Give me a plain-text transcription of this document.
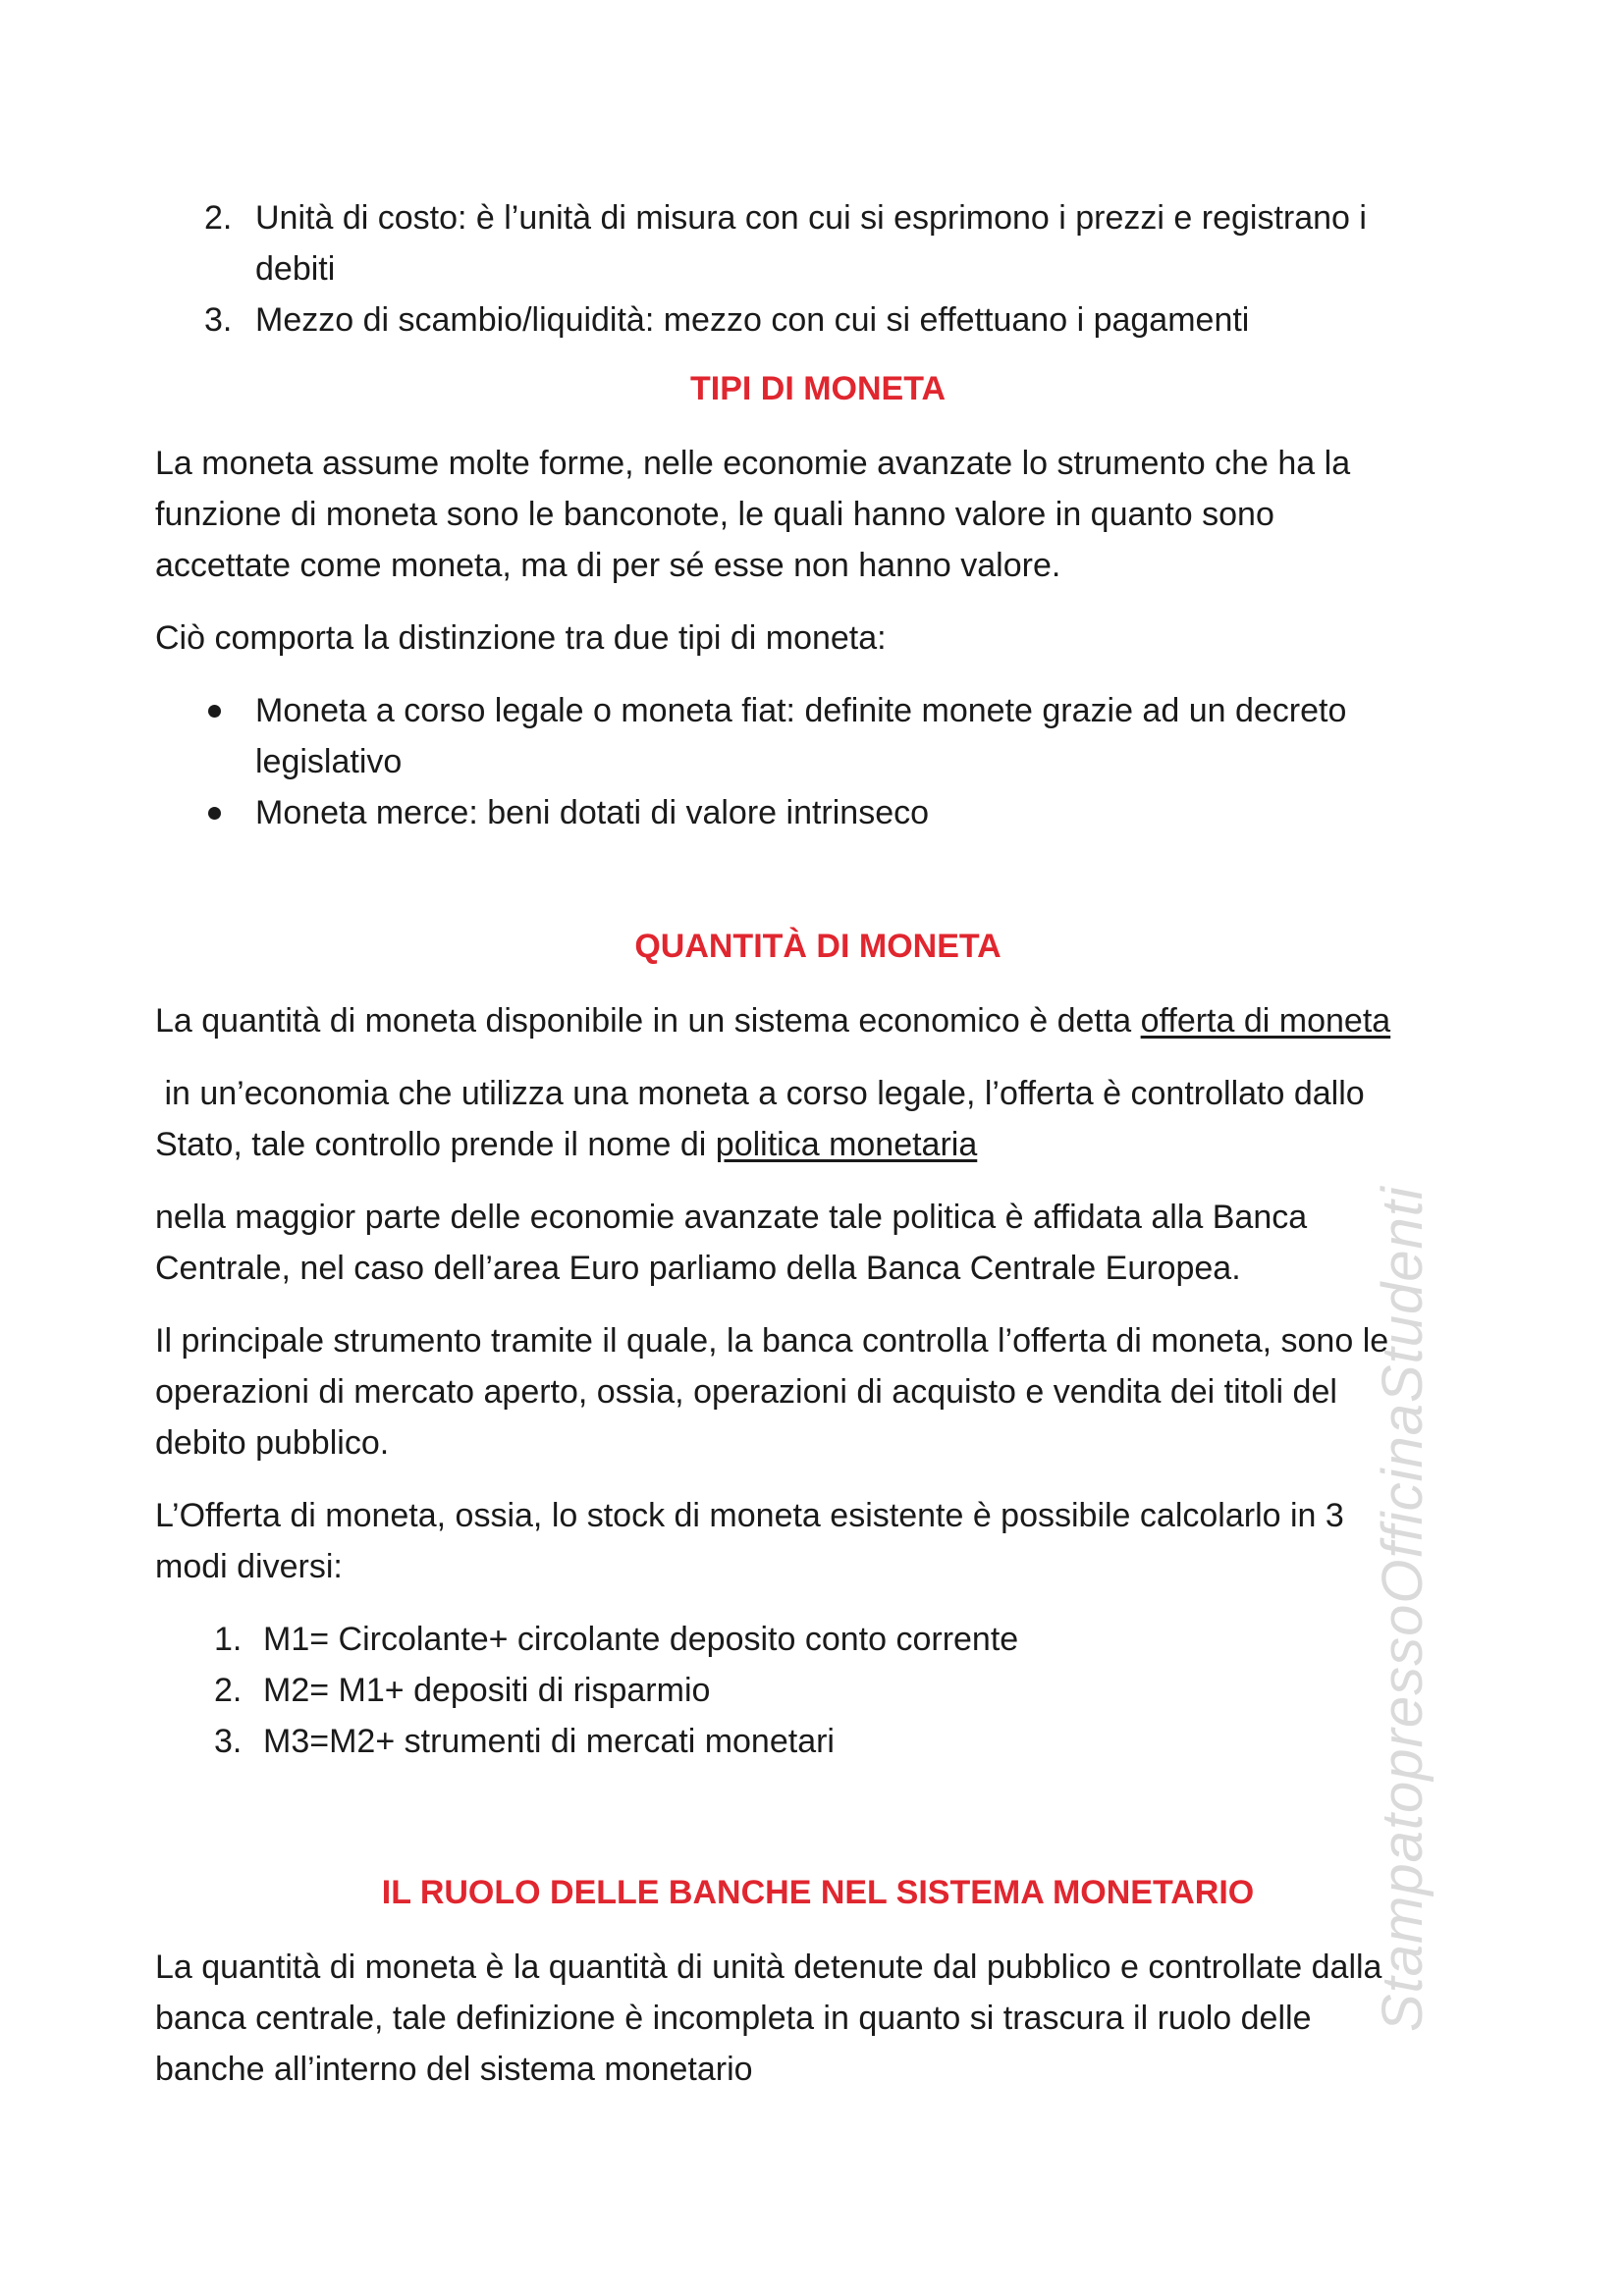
2. Unità di costo: è l’unità di misura con cui si esprimono i prezzi e registrano i

debiti

3. Mezzo di scambio/liquidità: mezzo con cui si effettuano i pagamenti

TIPI DI MONETA

La moneta assume molte forme, nelle economie avanzate lo strumento che ha la

funzione di moneta sono le banconote, le quali hanno valore in quanto sono

accettate come moneta, ma di per sé esse non hanno valore.

Ciò comporta la distinzione tra due tipi di moneta:

Moneta a corso legale o moneta fiat: definite monete grazie ad un decreto

legislativo

Moneta merce: beni dotati di valore intrinseco

QUANTITÀ DI MONETA

La quantità di moneta disponibile in un sistema economico è detta offerta di moneta

in un’economia che utilizza una moneta a corso legale, l’offerta è controllato dallo

Stato, tale controllo prende il nome di politica monetaria

nella maggior parte delle economie avanzate tale politica è affidata alla Banca

Centrale, nel caso dell’area Euro parliamo della Banca Centrale Europea.

Il principale strumento tramite il quale, la banca controlla l’offerta di moneta, sono le

operazioni di mercato aperto, ossia, operazioni di acquisto e vendita dei titoli del

debito pubblico.

L’Offerta di moneta, ossia, lo stock di moneta esistente è possibile calcolarlo in 3

modi diversi:

1. M1= Circolante+ circolante deposito conto corrente

2. M2= M1+ depositi di risparmio

3. M3=M2+ strumenti di mercati monetari

IL RUOLO DELLE BANCHE NEL SISTEMA MONETARIO

La quantità di moneta è la quantità di unità detenute dal pubblico e controllate dalla

banca centrale, tale definizione è incompleta in quanto si trascura il ruolo delle

banche all’interno del sistema monetario

StampatopressoOfficinaStudenti
